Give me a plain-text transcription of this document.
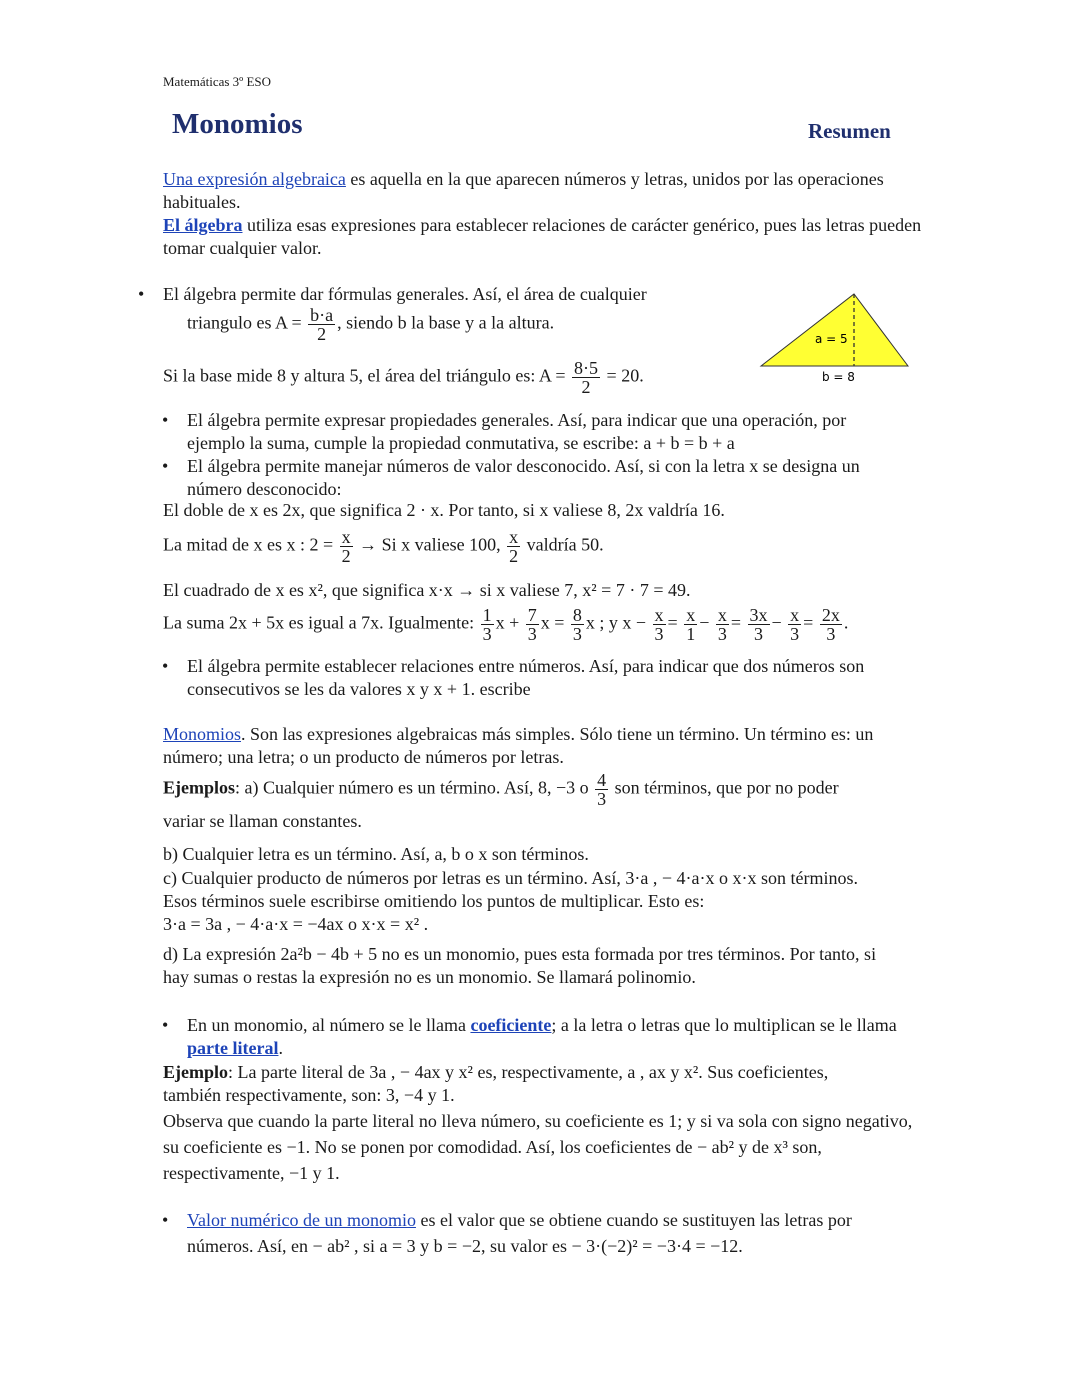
Matemáticas 3º ESO
Monomios	Resumen
Una expresión algebraica es aquella en la que aparecen números y letras, unidos por las operaciones habituales.
El álgebra utiliza esas expresiones para establecer relaciones de carácter genérico, pues las letras pueden tomar cualquier valor.
a = 5
b = 8
• El álgebra permite dar fórmulas generales. Así, el área de cualquier
triangulo es $A = \frac{b\cdot a}{2}$ , siendo b la base y a la altura.
Si la base mide 8 y altura 5, el área del triángulo es: $A = \frac{8\cdot 5}{2} = 20$.
• El álgebra permite expresar propiedades generales. Así, para indicar que una operación, por ejemplo la suma, cumple la propiedad conmutativa, se escribe: a + b = b + a
• El álgebra permite manejar números de valor desconocido. Así, si con la letra x se designa un número desconocido:
El doble de x es 2x, que significa 2 · x. Por tanto, si x valiese 8, 2x valdría 16.
La mitad de x es x : $2 = \frac{x}{2} \to Si$ x valiese 100, $\frac{x}{2}$ valdría 50.
El cuadrado de x es x², que significa x·x → si x valiese 7, x² = 7 · 7 = 49.
La suma 2x + 5x es igual a 7x. Igualmente: $\frac{1}{3}$ $x + \frac{7}{3}$ $x = \frac{8}{3}$ x ; y $x - \frac{x}{3} = \frac{x}{1} - \frac{x}{3} = \frac{3x}{3} - \frac{x}{3} = \frac{2x}{3}$ .
• El álgebra permite establecer relaciones entre números. Así, para indicar que dos números son consecutivos se les da valores x y x + 1. escribe
Monomios. Son las expresiones algebraicas más simples. Sólo tiene un término. Un término es: un número; una letra; o un producto de números por letras.
Ejemplos: a) Cualquier número es un término. Así, 8, −3 o $\frac{4}{3}$ son términos, que por no poder
variar se llaman constantes.
b) Cualquier letra es un término. Así, a, b o x son términos.
c) Cualquier producto de números por letras es un término. Así, 3·a , − 4·a·x o x·x son términos. Esos términos suele escribirse omitiendo los puntos de multiplicar. Esto es:
3·a = 3a , − 4·a·x = −4ax o x·x = x² .
d) La expresión 2a²b − 4b + 5 no es un monomio, pues esta formada por tres términos. Por tanto, si hay sumas o restas la expresión no es un monomio. Se llamará polinomio.
• En un monomio, al número se le llama coeficiente; a la letra o letras que lo multiplican se le llama parte literal.
Ejemplo: La parte literal de 3a , − 4ax y x² es, respectivamente, a , ax y x². Sus coeficientes, también respectivamente, son: 3, −4 y 1.
Observa que cuando la parte literal no lleva número, su coeficiente es 1; y si va sola con signo negativo, su coeficiente es −1. No se ponen por comodidad. Así, los coeficientes de − ab² y de x³ son, respectivamente, −1 y 1.
• Valor numérico de un monomio es el valor que se obtiene cuando se sustituyen las letras por números. Así, en − ab² , si a = 3 y b = −2, su valor es − 3·(−2)² = −3·4 = −12.
